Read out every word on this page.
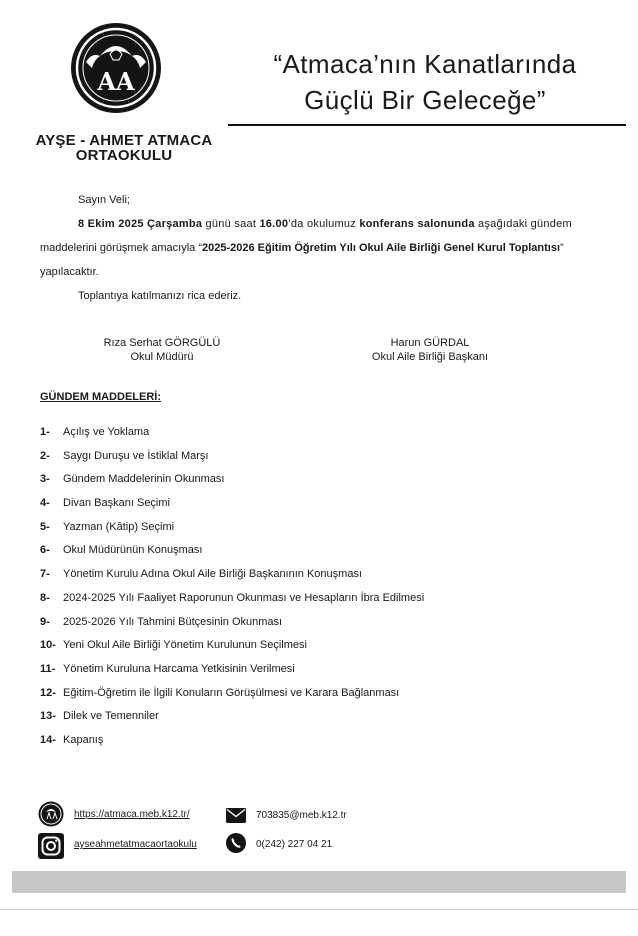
AA
AYŞE - AHMET ATMACA
ORTAOKULU
“Atmaca’nın Kanatlarında
Güçlü Bir Geleceğe”
Sayın Veli;
8 Ekim 2025 Çarşamba günü saat 16.00’da okulumuz konferans salonunda aşağıdaki gündem
maddelerini görüşmek amacıyla “2025-2026 Eğitim Öğretim Yılı Okul Aile Birliği Genel Kurul Toplantısı”
yapılacaktır.
Toplantıya katılmanızı rica ederiz.
Rıza Serhat GÖRGÜLÜ
Okul Müdürü
Harun GÜRDAL
Okul Aile Birliği Başkanı
GÜNDEM MADDELERİ:
1- Açılış ve Yoklama
2- Saygı Duruşu ve İstiklal Marşı
3- Gündem Maddelerinin Okunması
4- Divan Başkanı Seçimi
5- Yazman (Kâtip) Seçimi
6- Okul Müdürünün Konuşması
7- Yönetim Kurulu Adına Okul Aile Birliği Başkanının Konuşması
8- 2024-2025 Yılı Faaliyet Raporunun Okunması ve Hesapların İbra Edilmesi
9- 2025-2026 Yılı Tahmini Bütçesinin Okunması
10- Yeni Okul Aile Birliği Yönetim Kurulunun Seçilmesi
11- Yönetim Kuruluna Harcama Yetkisinin Verilmesi
12- Eğitim-Öğretim ile İlgili Konuların Görüşülmesi ve Karara Bağlanması
13- Dilek ve Temenniler
14- Kapanış
https://atmaca.meb.k12.tr/	703835@meb.k12.tr
ayseahmetatmacaortaokulu	0(242) 227 04 21
